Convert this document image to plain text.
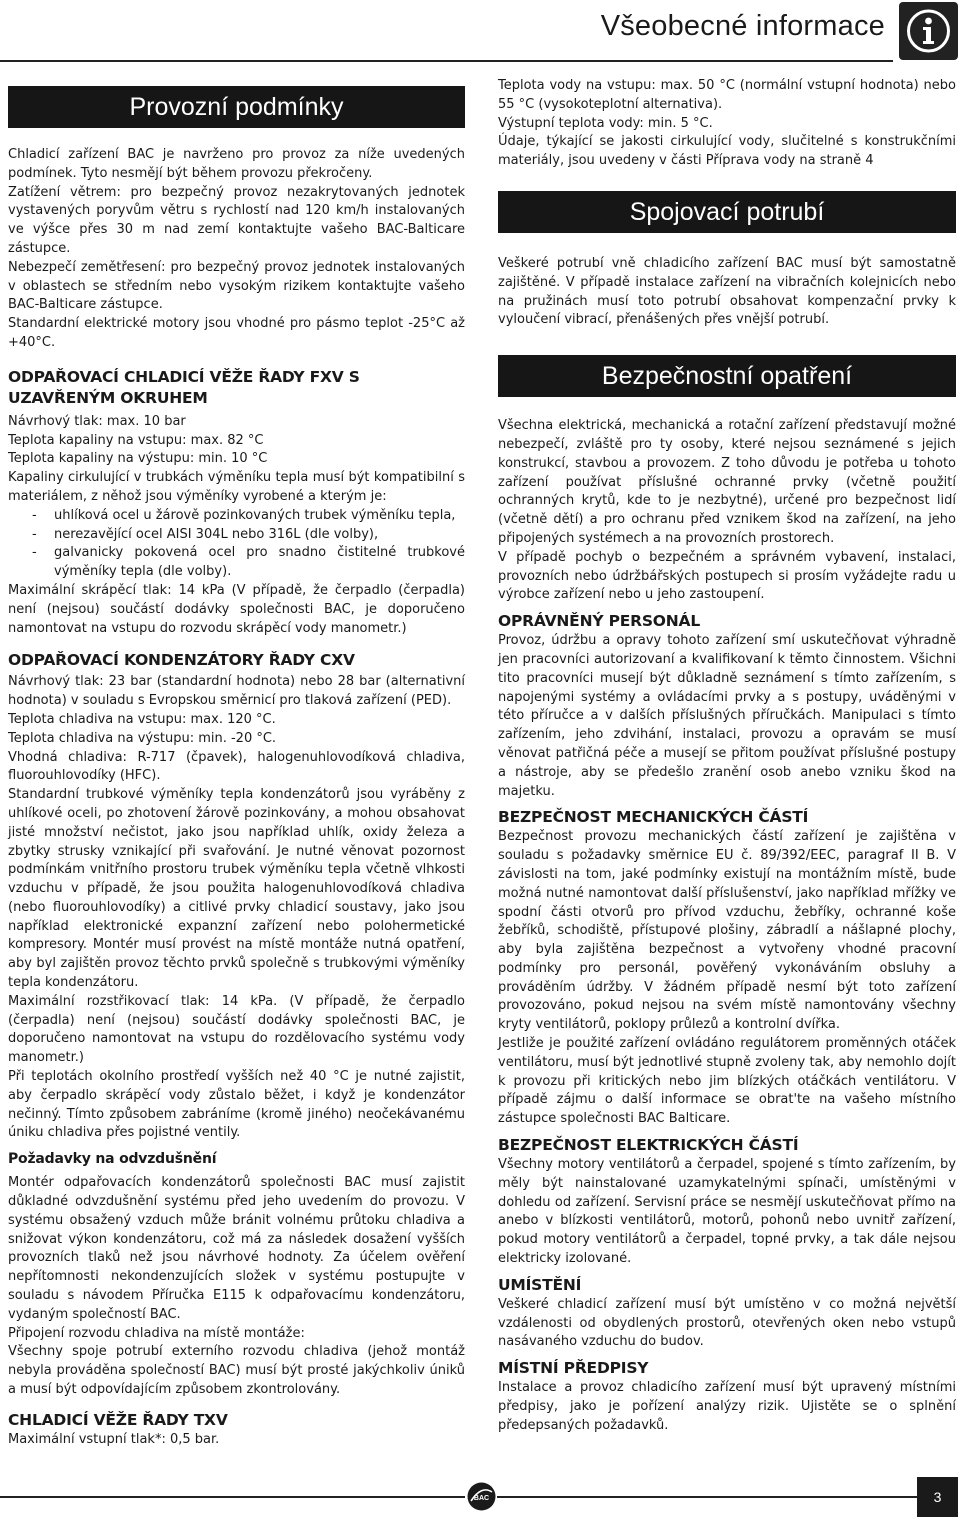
Všeobecné informace
Provozní podmínky

Chladicí zařízení BAC je navrženo pro provoz za níže uvedených podmínek. Tyto nesmějí být během provozu překročeny.

Zatížení větrem: pro bezpečný provoz nezakrytovaných jednotek vystavených poryvům větru s rychlostí nad 120 km/h instalovaných ve výšce přes 30 m nad zemí kontaktujte vašeho BAC-Balticare zástupce.

Nebezpečí zemětřesení: pro bezpečný provoz jednotek instalovaných v oblastech se středním nebo vysokým rizikem kontaktujte vašeho BAC-Balticare zástupce.

Standardní elektrické motory jsou vhodné pro pásmo teplot -25°C až +40°C.

ODPAŘOVACÍ CHLADICÍ VĚŽE ŘADY FXV S UZAVŘENÝM OKRUHEM

Návrhový tlak: max. 10 bar

Teplota kapaliny na vstupu: max. 82 °C

Teplota kapaliny na výstupu: min. 10 °C

Kapaliny cirkulující v trubkách výměníku tepla musí být kompatibilní s materiálem, z něhož jsou výměníky vyrobené a kterým je:

-	uhlíková ocel u žárově pozinkovaných trubek výměníku tepla,
-	nerezavějící ocel AISI 304L nebo 316L (dle volby),
-	galvanicky pokovená ocel pro snadno čistitelné trubkové výměníky tepla (dle volby).

Maximální skrápěcí tlak: 14 kPa (V případě, že čerpadlo (čerpadla) není (nejsou) součástí dodávky společnosti BAC, je doporučeno namontovat na vstupu do rozvodu skrápěcí vody manometr.)

ODPAŘOVACÍ KONDENZÁTORY ŘADY CXV

Návrhový tlak: 23 bar (standardní hodnota) nebo 28 bar (alternativní hodnota) v souladu s Evropskou směrnicí pro tlaková zařízení (PED).

Teplota chladiva na vstupu: max. 120 °C.

Teplota chladiva na výstupu: min. -20 °C.

Vhodná chladiva: R-717 (čpavek), halogenuhlovodíková chladiva, fluorouhlovodíky (HFC).

Standardní trubkové výměníky tepla kondenzátorů jsou vyráběny z uhlíkové oceli, po zhotovení žárově pozinkovány, a mohou obsahovat jisté množství nečistot, jako jsou například uhlík, oxidy železa a zbytky strusky vznikající při svařování. Je nutné věnovat pozornost podmínkám vnitřního prostoru trubek výměníku tepla včetně vlhkosti vzduchu v případě, že jsou použita halogenuhlovodíková chladiva (nebo fluorouhlovodíky) a citlivé prvky chladicí soustavy, jako jsou například elektronické expanzní zařízení nebo polohermetické kompresory. Montér musí provést na místě montáže nutná opatření, aby byl zajištěn provoz těchto prvků společně s trubkovými výměníky tepla kondenzátoru.

Maximální rozstřikovací tlak: 14 kPa. (V případě, že čerpadlo (čerpadla) není (nejsou) součástí dodávky společnosti BAC, je doporučeno namontovat na vstupu do rozdělovacího systému vody manometr.)

Při teplotách okolního prostředí vyšších než 40 °C je nutné zajistit, aby čerpadlo skrápěcí vody zůstalo běžet, i když je kondenzátor nečinný. Tímto způsobem zabráníme (kromě jiného) neočekávanému úniku chladiva přes pojistné ventily.

Požadavky na odvzdušnění

Montér odpařovacích kondenzátorů společnosti BAC musí zajistit důkladné odvzdušnění systému před jeho uvedením do provozu. V systému obsažený vzduch může bránit volnému průtoku chladiva a snižovat výkon kondenzátoru, což má za následek dosažení vyšších provozních tlaků než jsou návrhové hodnoty. Za účelem ověření nepřítomnosti nekondenzujících složek v systému postupujte v souladu s návodem Příručka E115 k odpařovacímu kondenzátoru, vydaným společností BAC.

Připojení rozvodu chladiva na místě montáže:

Všechny spoje potrubí externího rozvodu chladiva (jehož montáž nebyla prováděna společností BAC) musí být prosté jakýchkoliv úniků a musí být odpovídajícím způsobem zkontrolovány.

CHLADICÍ VĚŽE ŘADY TXV

Maximální vstupní tlak*: 0,5 bar.

Teplota vody na vstupu: max. 50 °C (normální vstupní hodnota) nebo 55 °C (vysokoteplotní alternativa).

Výstupní teplota vody: min. 5 °C.

Údaje, týkající se jakosti cirkulující vody, slučitelné s konstrukčními materiály, jsou uvedeny v části Příprava vody na straně 4

Spojovací potrubí

Veškeré potrubí vně chladicího zařízení BAC musí být samostatně zajištěné. V případě instalace zařízení na vibračních kolejnicích nebo na pružinách musí toto potrubí obsahovat kompenzační prvky k vyloučení vibrací, přenášených přes vnější potrubí.

Bezpečnostní opatření

Všechna elektrická, mechanická a rotační zařízení představují možné nebezpečí, zvláště pro ty osoby, které nejsou seznámené s jejich konstrukcí, stavbou a provozem. Z toho důvodu je potřeba u tohoto zařízení používat příslušné ochranné prvky (včetně použití ochranných krytů, kde to je nezbytné), určené pro bezpečnost lidí (včetně dětí) a pro ochranu před vznikem škod na zařízení, na jeho připojených systémech a na provozních prostorech.

V případě pochyb o bezpečném a správném vybavení, instalaci, provozních nebo údržbářských postupech si prosím vyžádejte radu u výrobce zařízení nebo u jeho zastoupení.

OPRÁVNĚNÝ PERSONÁL

Provoz, údržbu a opravy tohoto zařízení smí uskutečňovat výhradně jen pracovníci autorizovaní a kvalifikovaní k těmto činnostem. Všichni tito pracovníci musejí být důkladně seznámení s tímto zařízením, s napojenými systémy a ovládacími prvky a s postupy, uváděnými v této příručce a v dalších příslušných příručkách. Manipulaci s tímto zařízením, jeho zdvihání, instalaci, provozu a opravám se musí věnovat patřičná péče a musejí se přitom používat příslušné postupy a nástroje, aby se předešlo zranění osob anebo vzniku škod na majetku.

BEZPEČNOST MECHANICKÝCH ČÁSTÍ

Bezpečnost provozu mechanických částí zařízení je zajištěna v souladu s požadavky směrnice EU č. 89/392/EEC, paragraf II B. V závislosti na tom, jaké podmínky existují na montážním místě, bude možná nutné namontovat další příslušenství, jako například mřížky ve spodní části otvorů pro přívod vzduchu, žebříky, ochranné koše žebříků, schodiště, přístupové plošiny, zábradlí a nášlapné plochy, aby byla zajištěna bezpečnost a vytvořeny vhodné pracovní podmínky pro personál, pověřený vykonáváním obsluhy a prováděním údržby. V žádném případě nesmí být toto zařízení provozováno, pokud nejsou na svém místě namontovány všechny kryty ventilátorů, poklopy průlezů a kontrolní dvířka.

Jestliže je použité zařízení ovládáno regulátorem proměnných otáček ventilátoru, musí být jednotlivé stupně zvoleny tak, aby nemohlo dojít k provozu při kritických nebo jim blízkých otáčkách ventilátoru. V případě zájmu o další informace se obrat'te na vašeho místního zástupce společnosti BAC Balticare.

BEZPEČNOST ELEKTRICKÝCH ČÁSTÍ

Všechny motory ventilátorů a čerpadel, spojené s tímto zařízením, by měly být nainstalované uzamykatelnými spínači, umístěnými v dohledu od zařízení. Servisní práce se nesmějí uskutečňovat přímo na anebo v blízkosti ventilátorů, motorů, pohonů nebo uvnitř zařízení, pokud motory ventilátorů a čerpadel, topné prvky, a tak dále nejsou elektricky izolované.

UMÍSTĚNÍ

Veškeré chladicí zařízení musí být umístěno v co možná největší vzdálenosti od obydlených prostorů, otevřených oken nebo vstupů nasávaného vzduchu do budov.

MÍSTNÍ PŘEDPISY

Instalace a provoz chladicího zařízení musí být upravený místními předpisy, jako je pořízení analýzy rizik. Ujistěte se o splnění předepsaných požadavků.

BAC	3
